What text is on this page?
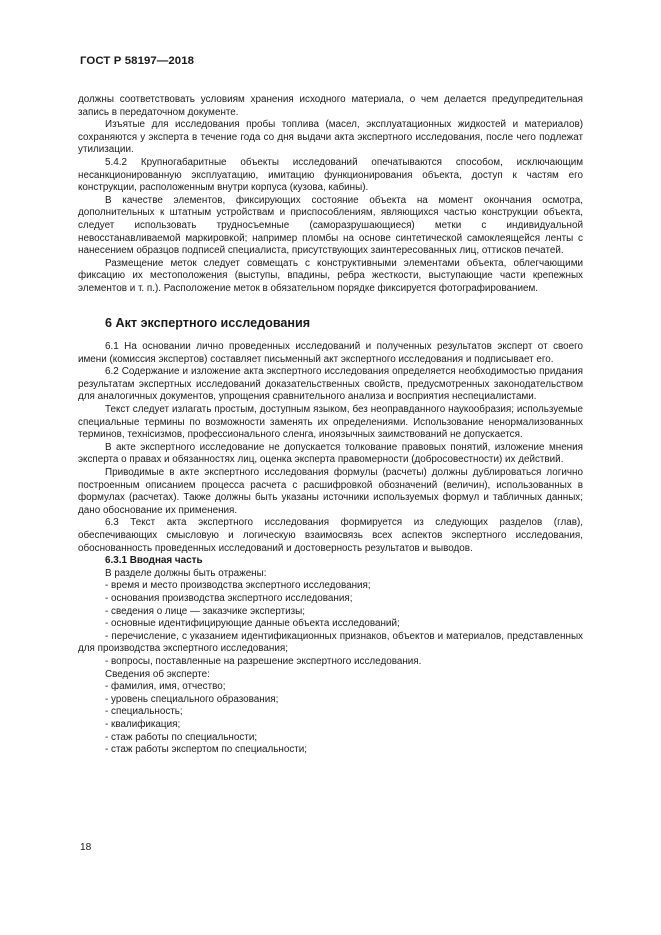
ГОСТ Р 58197—2018

должны соответствовать условиям хранения исходного материала, о чем делается предупредительная запись в передаточном документе.

Изъятые для исследования пробы топлива (масел, эксплуатационных жидкостей и материалов) сохраняются у эксперта в течение года со дня выдачи акта экспертного исследования, после чего подлежат утилизации.

5.4.2 Крупногабаритные объекты исследований опечатываются способом, исключающим несанкционированную эксплуатацию, имитацию функционирования объекта, доступ к частям его конструкции, расположенным внутри корпуса (кузова, кабины).

В качестве элементов, фиксирующих состояние объекта на момент окончания осмотра, дополнительных к штатным устройствам и приспособлениям, являющихся частью конструкции объекта, следует использовать трудносъемные (саморазрушающиеся) метки с индивидуальной невосстанавливаемой маркировкой; например пломбы на основе синтетической самоклеящейся ленты с нанесением образцов подписей специалиста, присутствующих заинтересованных лиц, оттисков печатей.

Размещение меток следует совмещать с конструктивными элементами объекта, облегчающими фиксацию их местоположения (выступы, впадины, ребра жесткости, выступающие части крепежных элементов и т. п.). Расположение меток в обязательном порядке фиксируется фотографированием.

6 Акт экспертного исследования

6.1 На основании лично проведенных исследований и полученных результатов эксперт от своего имени (комиссия экспертов) составляет письменный акт экспертного исследования и подписывает его.

6.2 Содержание и изложение акта экспертного исследования определяется необходимостью придания результатам экспертных исследований доказательственных свойств, предусмотренных законодательством для аналогичных документов, упрощения сравнительного анализа и восприятия неспециалистами.

Текст следует излагать простым, доступным языком, без неоправданного наукообразия; используемые специальные термины по возможности заменять их определениями. Использование ненормализованных терминов, технicизмов, профессионального сленга, иноязычных заимствований не допускается.

В акте экспертного исследование не допускается толкование правовых понятий, изложение мнения эксперта о правах и обязанностях лиц, оценка эксперта правомерности (добросовестности) их действий.

Приводимые в акте экспертного исследования формулы (расчеты) должны дублироваться логично построенным описанием процесса расчета с расшифровкой обозначений (величин), использованных в формулах (расчетах). Также должны быть указаны источники используемых формул и табличных данных; дано обоснование их применения.

6.3 Текст акта экспертного исследования формируется из следующих разделов (глав), обеспечивающих смысловую и логическую взаимосвязь всех аспектов экспертного исследования, обоснованность проведенных исследований и достоверность результатов и выводов.

6.3.1 Вводная часть

В разделе должны быть отражены:

- время и место производства экспертного исследования;

- основания производства экспертного исследования;

- сведения о лице — заказчике экспертизы;

- основные идентифицирующие данные объекта исследований;

- перечисление, с указанием идентификационных признаков, объектов и материалов, представленных для производства экспертного исследования;

- вопросы, поставленные на разрешение экспертного исследования.

Сведения об эксперте:

- фамилия, имя, отчество;

- уровень специального образования;

- специальность;

- квалификация;

- стаж работы по специальности;

- стаж работы экспертом по специальности;

18
